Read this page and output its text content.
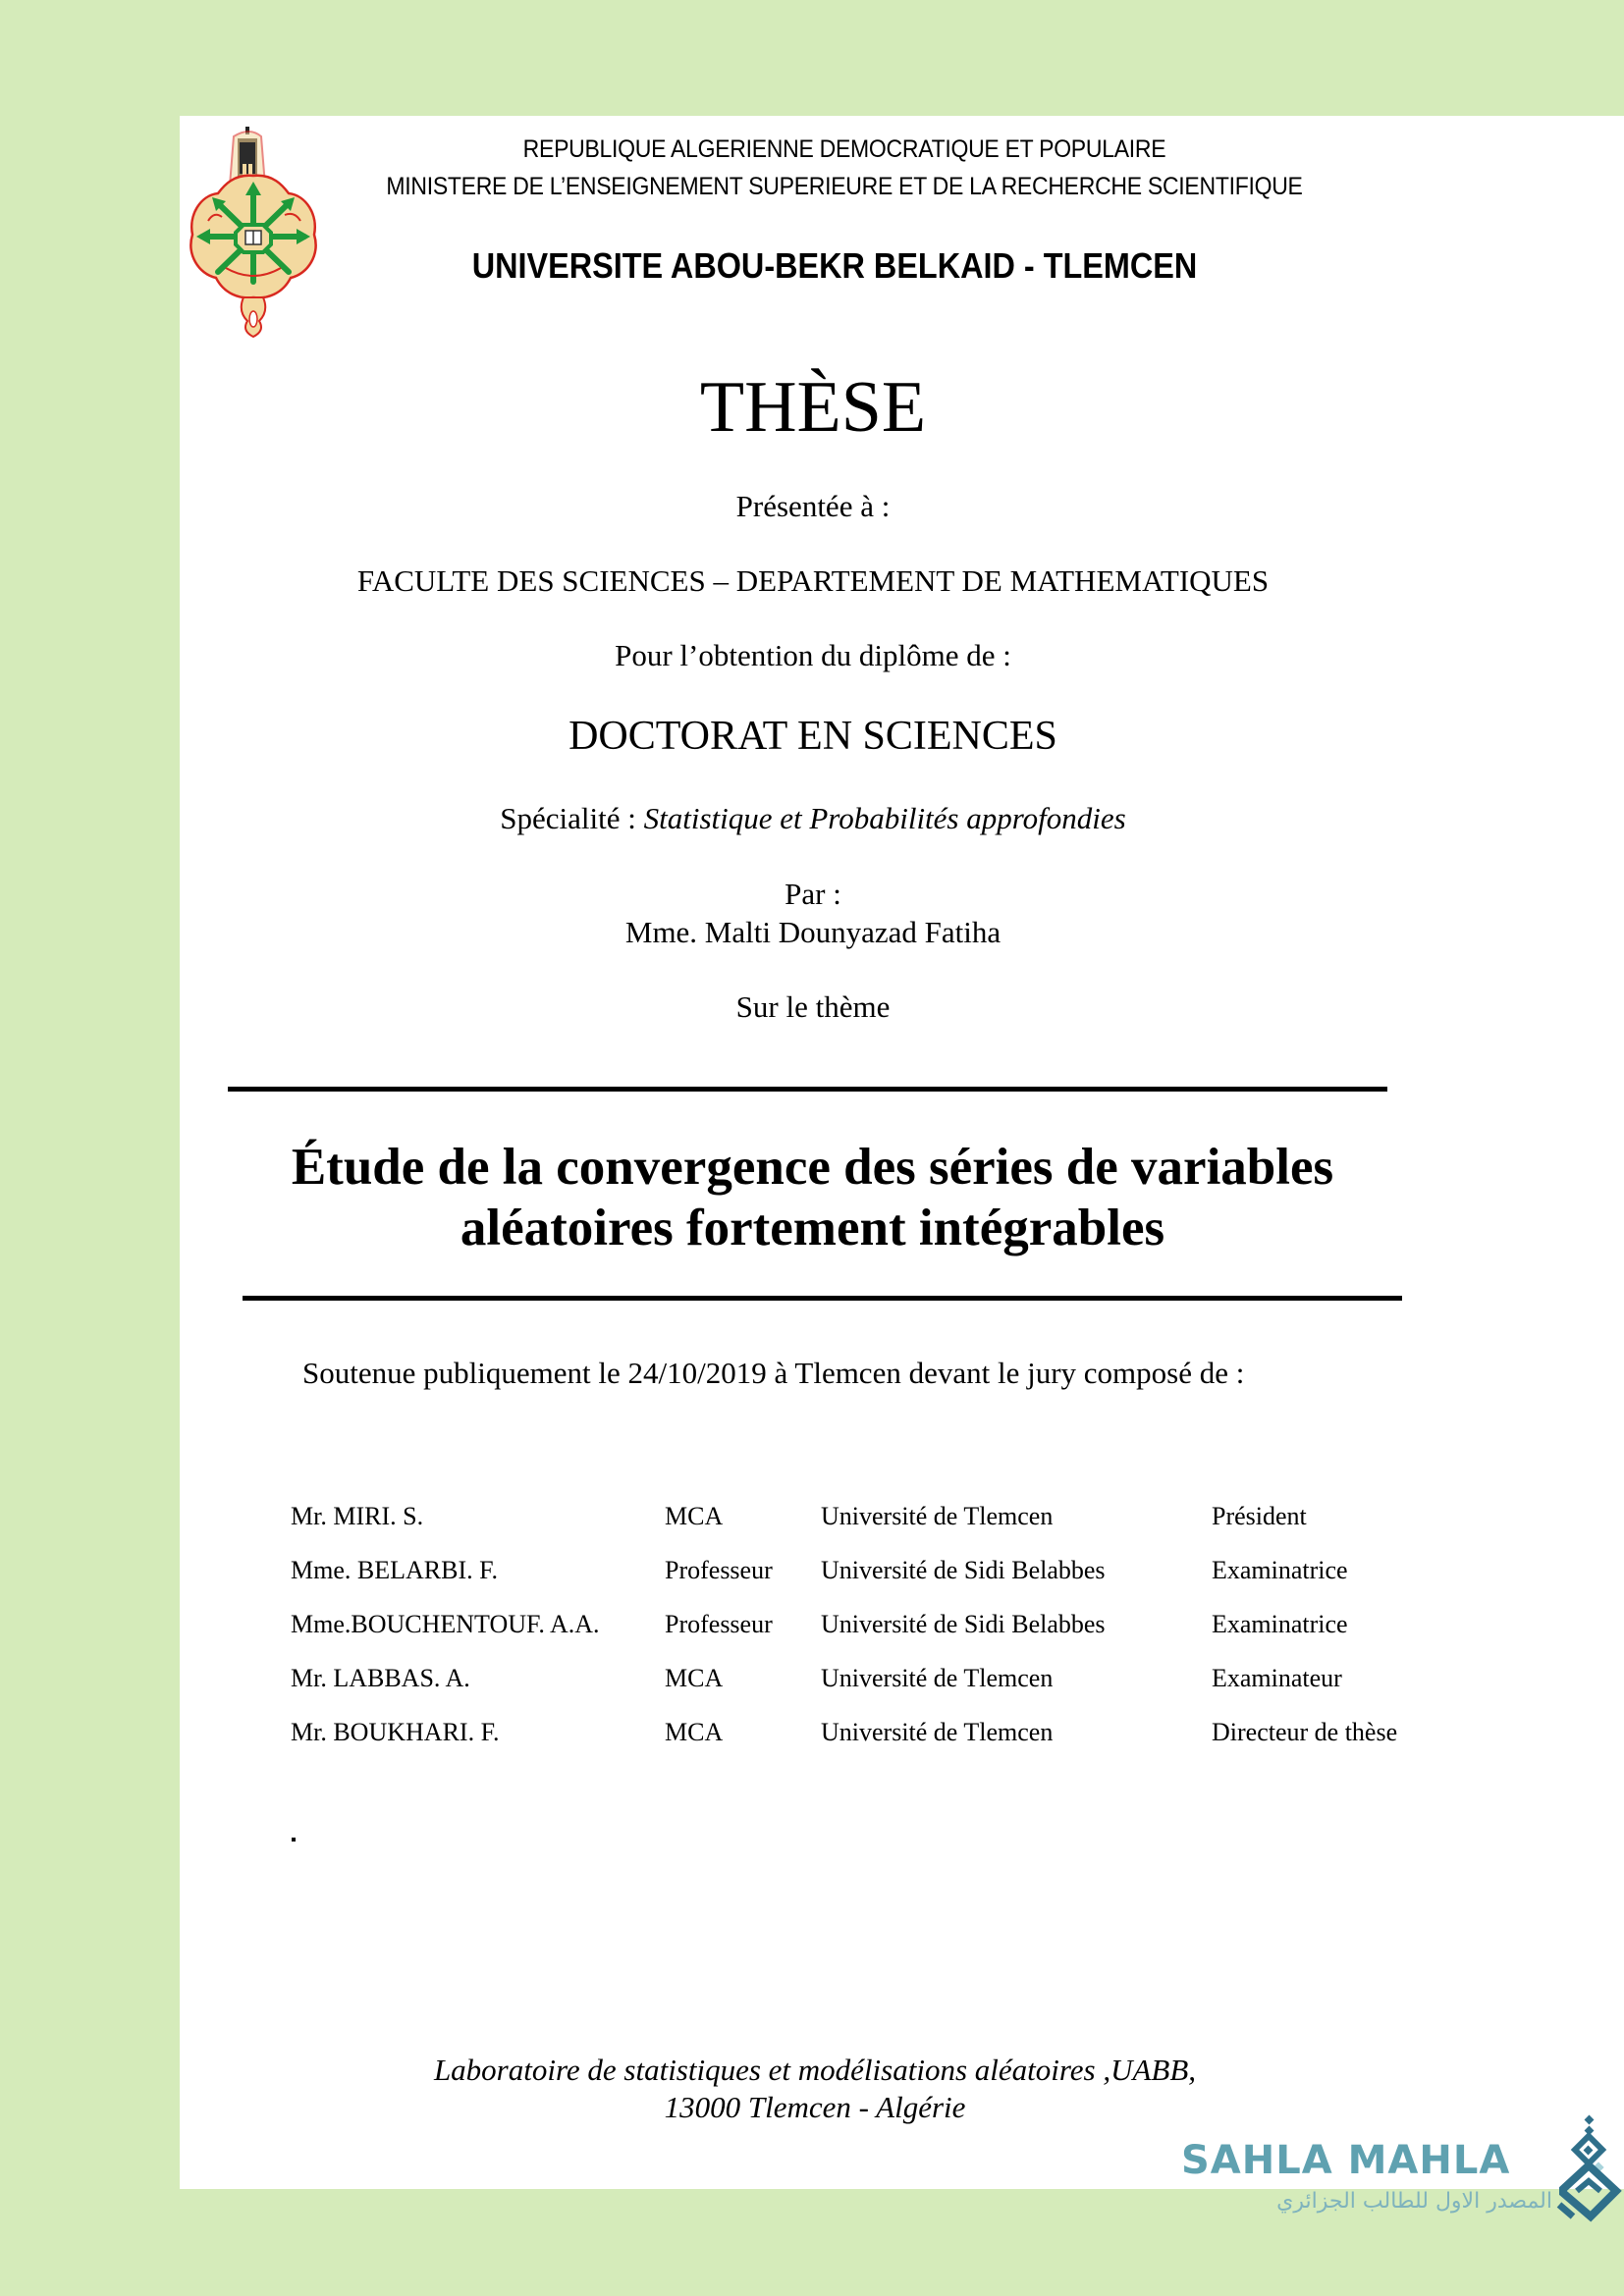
REPUBLIQUE ALGERIENNE DEMOCRATIQUE ET POPULAIRE
MINISTERE DE L’ENSEIGNEMENT SUPERIEURE ET DE LA RECHERCHE SCIENTIFIQUE
UNIVERSITE ABOU-BEKR BELKAID - TLEMCEN
THÈSE
Présentée à :
FACULTE DES SCIENCES – DEPARTEMENT DE MATHEMATIQUES
Pour l’obtention du diplôme de :
DOCTORAT EN SCIENCES
Spécialité : Statistique et Probabilités approfondies
Par :
Mme. Malti Dounyazad Fatiha
Sur le thème
Étude de la convergence des séries de variables
aléatoires fortement intégrables
Soutenue publiquement le 24/10/2019 à Tlemcen devant le jury composé de :
Mr. MIRI. S.	MCA	Université de Tlemcen	Président
Mme. BELARBI. F.	Professeur Université de Sidi Belabbes	Examinatrice
Mme.BOUCHENTOUF. A.A.	Professeur Université de Sidi Belabbes	Examinatrice
Mr. LABBAS. A.	MCA	Université de Tlemcen	Examinateur
Mr. BOUKHARI. F.	MCA	Université de Tlemcen	Directeur de thèse
Laboratoire de statistiques et modélisations aléatoires ,UABB,
13000 Tlemcen - Algérie
SAHLA MAHLA
المصدر الاول للطالب الجزائري
